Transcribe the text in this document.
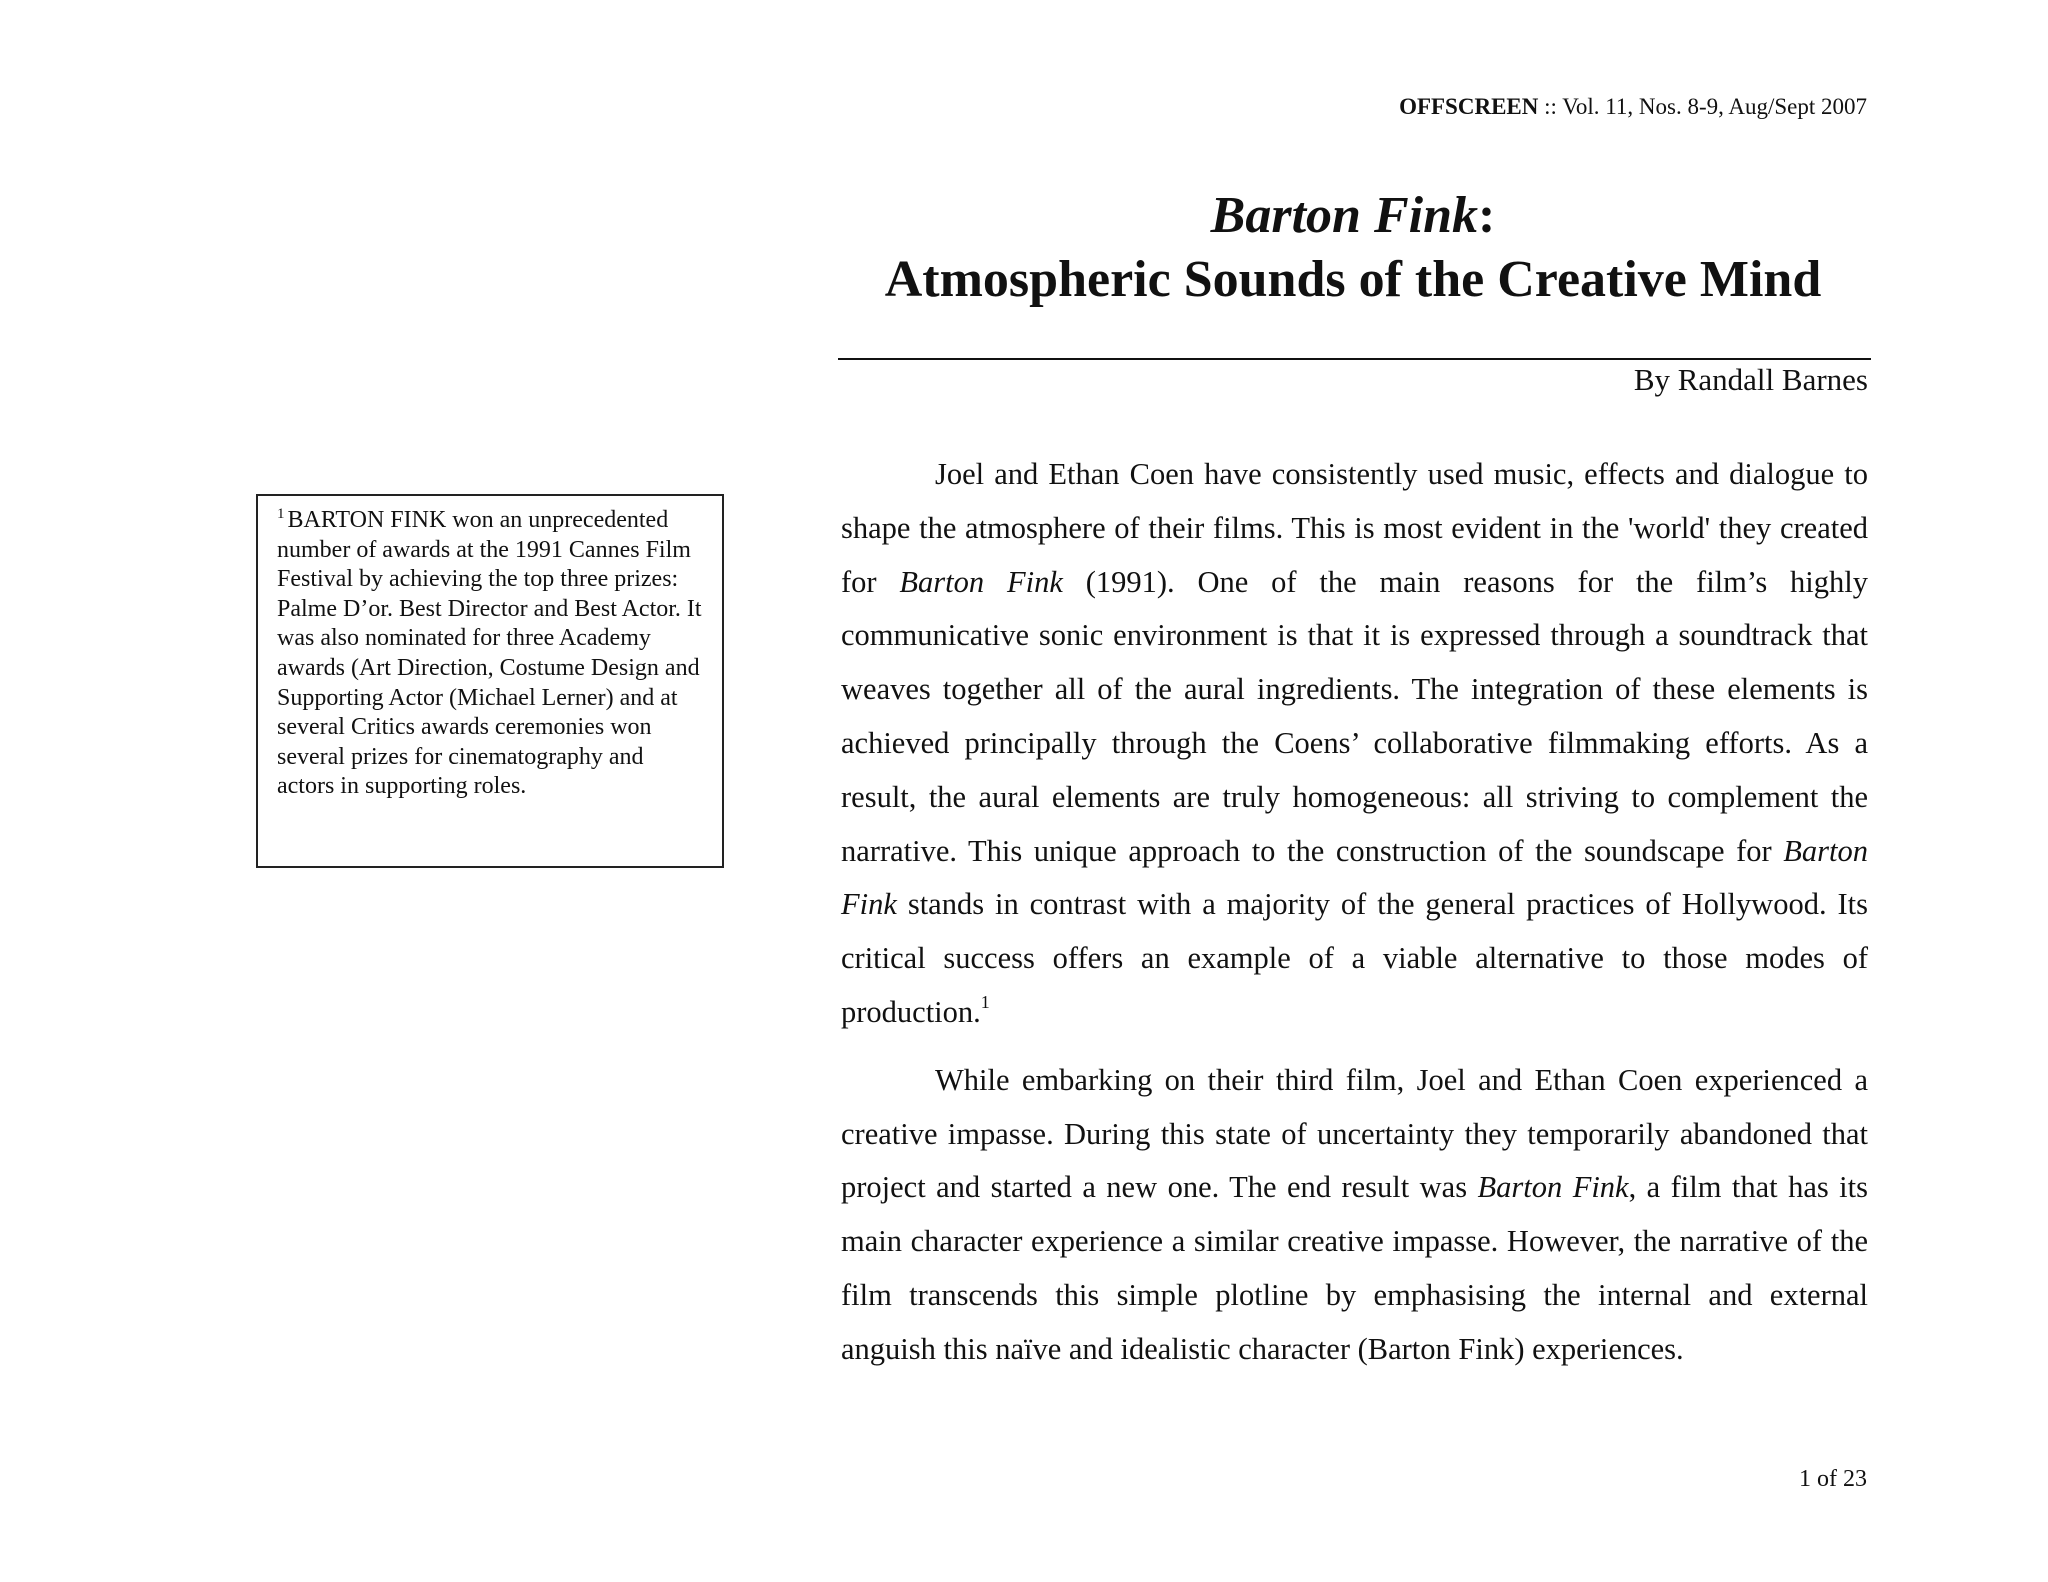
OFFSCREEN :: Vol. 11, Nos. 8-9, Aug/Sept 2007
Barton Fink:
Atmospheric Sounds of the Creative Mind
By Randall Barnes
$^1$ BARTON FINK won an unprecedented number of awards at the 1991 Cannes Film Festival by achieving the top three prizes: Palme D’or. Best Director and Best Actor. It was also nominated for three Academy awards (Art Direction, Costume Design and Supporting Actor (Michael Lerner) and at several Critics awards ceremonies won several prizes for cinematography and actors in supporting roles.

Joel and Ethan Coen have consistently used music, effects and dialogue to shape the atmosphere of their films. This is most evident in the 'world' they created for Barton Fink (1991). One of the main reasons for the film’s highly communicative sonic environment is that it is expressed through a soundtrack that weaves together all of the aural ingredients. The integration of these elements is achieved principally through the Coens’ collaborative filmmaking efforts. As a result, the aural elements are truly homogeneous: all striving to complement the narrative. This unique approach to the construction of the soundscape for Barton Fink stands in contrast with a majority of the general practices of Hollywood. Its critical success offers an example of a viable alternative to those modes of production.$^1$

While embarking on their third film, Joel and Ethan Coen experienced a creative impasse. During this state of uncertainty they temporarily abandoned that project and started a new one. The end result was Barton Fink, a film that has its main character experience a similar creative impasse. However, the narrative of the film transcends this simple plotline by emphasising the internal and external anguish this naïve and idealistic character (Barton Fink) experiences.

1 of 23
